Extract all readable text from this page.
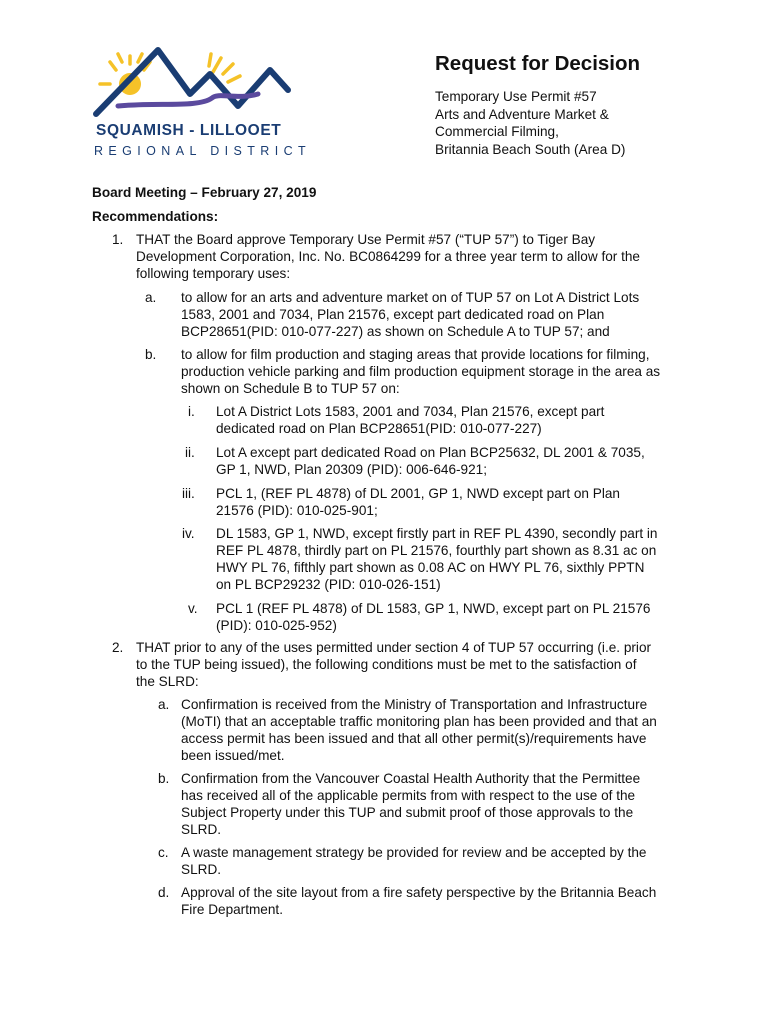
SQUAMISH - LILLOOET
REGIONAL DISTRICT
Request for Decision
Temporary Use Permit #57
Arts and Adventure Market &
Commercial Filming,
Britannia Beach South (Area D)
Board Meeting – February 27, 2019
Recommendations:
1. THAT the Board approve Temporary Use Permit #57 (“TUP 57”) to Tiger Bay
Development Corporation, Inc. No. BC0864299 for a three year term to allow for the
following temporary uses:
a. to allow for an arts and adventure market on of TUP 57 on Lot A District Lots
1583, 2001 and 7034, Plan 21576, except part dedicated road on Plan
BCP28651(PID: 010-077-227) as shown on Schedule A to TUP 57; and
b. to allow for film production and staging areas that provide locations for filming,
production vehicle parking and film production equipment storage in the area as
shown on Schedule B to TUP 57 on:
i. Lot A District Lots 1583, 2001 and 7034, Plan 21576, except part
dedicated road on Plan BCP28651(PID: 010-077-227)
ii. Lot A except part dedicated Road on Plan BCP25632, DL 2001 & 7035,
GP 1, NWD, Plan 20309 (PID): 006-646-921;
iii. PCL 1, (REF PL 4878) of DL 2001, GP 1, NWD except part on Plan
21576 (PID): 010-025-901;
iv. DL 1583, GP 1, NWD, except firstly part in REF PL 4390, secondly part in
REF PL 4878, thirdly part on PL 21576, fourthly part shown as 8.31 ac on
HWY PL 76, fifthly part shown as 0.08 AC on HWY PL 76, sixthly PPTN
on PL BCP29232 (PID: 010-026-151)
v. PCL 1 (REF PL 4878) of DL 1583, GP 1, NWD, except part on PL 21576
(PID): 010-025-952)
2. THAT prior to any of the uses permitted under section 4 of TUP 57 occurring (i.e. prior
to the TUP being issued), the following conditions must be met to the satisfaction of
the SLRD:
a. Confirmation is received from the Ministry of Transportation and Infrastructure
(MoTI) that an acceptable traffic monitoring plan has been provided and that an
access permit has been issued and that all other permit(s)/requirements have
been issued/met.
b. Confirmation from the Vancouver Coastal Health Authority that the Permittee
has received all of the applicable permits from with respect to the use of the
Subject Property under this TUP and submit proof of those approvals to the
SLRD.
c. A waste management strategy be provided for review and be accepted by the
SLRD.
d. Approval of the site layout from a fire safety perspective by the Britannia Beach
Fire Department.
